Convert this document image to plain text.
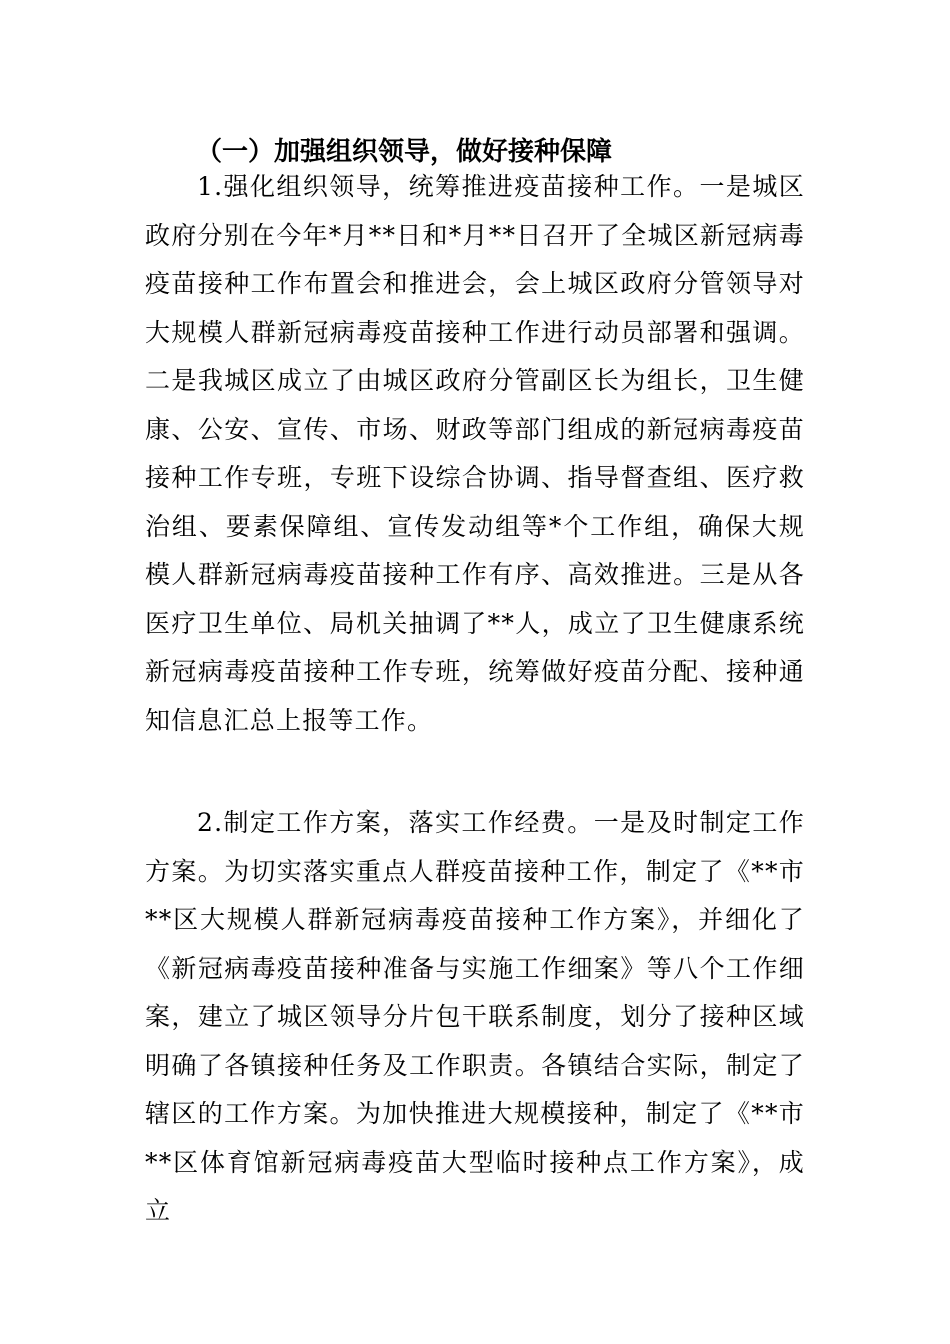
（一）加强组织领导，做好接种保障

1.强化组织领导，统筹推进疫苗接种工作。一是城区政府分别在今年*月**日和*月**日召开了全城区新冠病毒疫苗接种工作布置会和推进会，会上城区政府分管领导对大规模人群新冠病毒疫苗接种工作进行动员部署和强调。二是我城区成立了由城区政府分管副区长为组长，卫生健康、公安、宣传、市场、财政等部门组成的新冠病毒疫苗接种工作专班，专班下设综合协调、指导督查组、医疗救治组、要素保障组、宣传发动组等*个工作组，确保大规模人群新冠病毒疫苗接种工作有序、高效推进。三是从各医疗卫生单位、局机关抽调了**人，成立了卫生健康系统新冠病毒疫苗接种工作专班，统筹做好疫苗分配、接种通知信息汇总上报等工作。

2.制定工作方案，落实工作经费。一是及时制定工作方案。为切实落实重点人群疫苗接种工作，制定了《**市**区大规模人群新冠病毒疫苗接种工作方案》，并细化了《新冠病毒疫苗接种准备与实施工作细案》等八个工作细案，建立了城区领导分片包干联系制度，划分了接种区域明确了各镇接种任务及工作职责。各镇结合实际，制定了辖区的工作方案。为加快推进大规模接种，制定了《**市**区体育馆新冠病毒疫苗大型临时接种点工作方案》，成立
